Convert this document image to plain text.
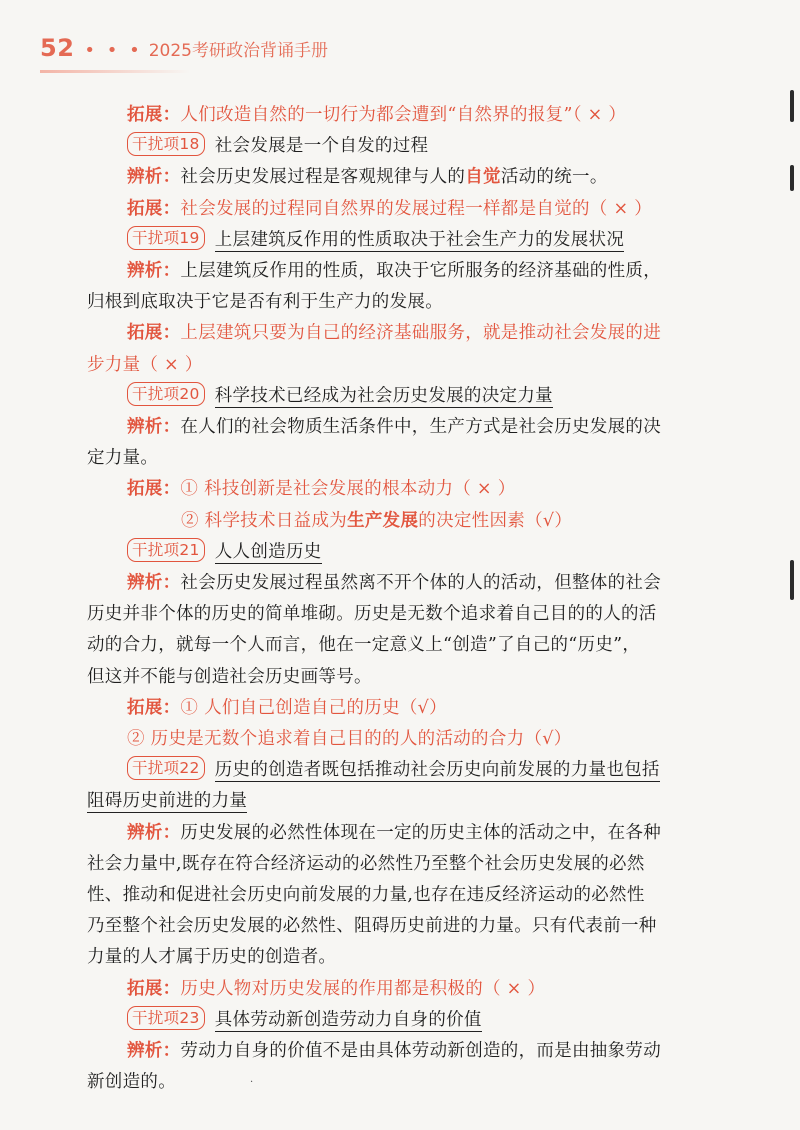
52 • • • 2025考研政治背诵手册
拓展：人们改造自然的一切行为都会遭到“自然界的报复”（ × ）
干扰项18 社会发展是一个自发的过程
辨析：社会历史发展过程是客观规律与人的自觉活动的统一。
拓展：社会发展的过程同自然界的发展过程一样都是自觉的（ × ）
干扰项19 上层建筑反作用的性质取决于社会生产力的发展状况
辨析：上层建筑反作用的性质，取决于它所服务的经济基础的性质，
归根到底取决于它是否有利于生产力的发展。
拓展：上层建筑只要为自己的经济基础服务，就是推动社会发展的进
步力量（ × ）
干扰项20 科学技术已经成为社会历史发展的决定力量
辨析：在人们的社会物质生活条件中，生产方式是社会历史发展的决
定力量。
拓展：① 科技创新是社会发展的根本动力（ × ）
② 科学技术日益成为生产发展的决定性因素（√）
干扰项21 人人创造历史
辨析：社会历史发展过程虽然离不开个体的人的活动，但整体的社会
历史并非个体的历史的简单堆砌。历史是无数个追求着自己目的的人的活
动的合力，就每一个人而言，他在一定意义上“创造”了自己的“历史”，
但这并不能与创造社会历史画等号。
拓展：① 人们自己创造自己的历史（√）
② 历史是无数个追求着自己目的的人的活动的合力（√）
干扰项22 历史的创造者既包括推动社会历史向前发展的力量也包括
阻碍历史前进的力量
辨析：历史发展的必然性体现在一定的历史主体的活动之中，在各种
社会力量中,既存在符合经济运动的必然性乃至整个社会历史发展的必然
性、推动和促进社会历史向前发展的力量,也存在违反经济运动的必然性
乃至整个社会历史发展的必然性、阻碍历史前进的力量。只有代表前一种
力量的人才属于历史的创造者。
拓展：历史人物对历史发展的作用都是积极的（ × ）
干扰项23 具体劳动新创造劳动力自身的价值
辨析：劳动力自身的价值不是由具体劳动新创造的，而是由抽象劳动
新创造的。	·
